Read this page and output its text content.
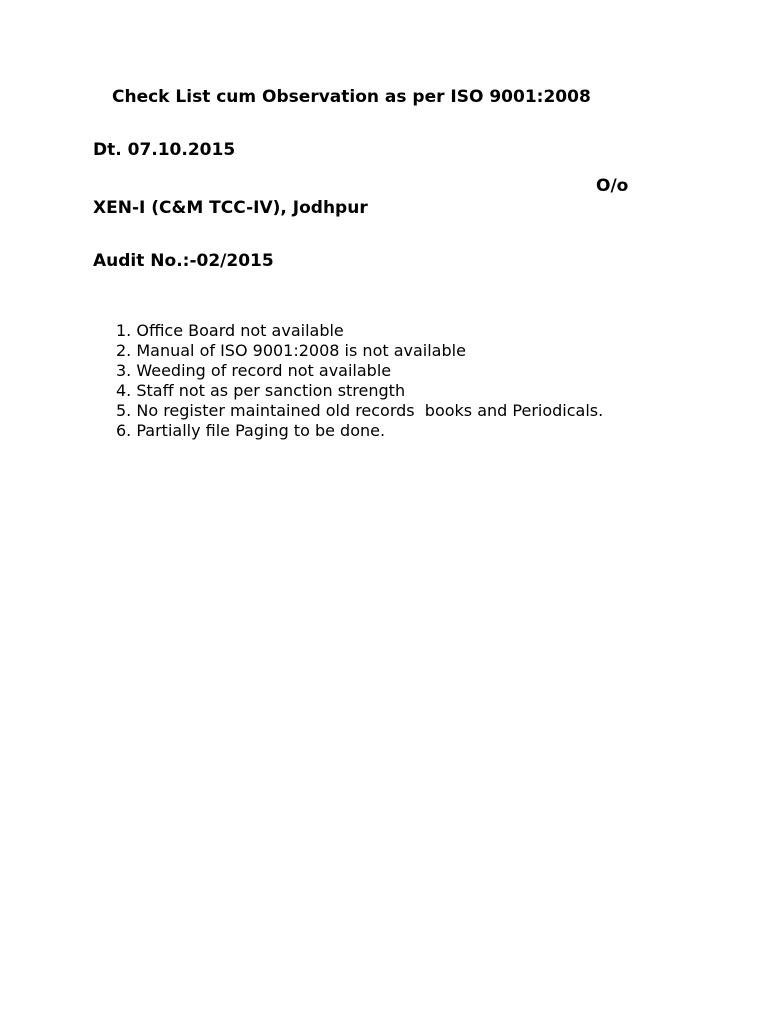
Check List cum Observation as per ISO 9001:2008
Dt. 07.10.2015
O/o
XEN-I (C&M TCC-IV), Jodhpur
Audit No.:-02/2015
1. Office Board not available
2. Manual of ISO 9001:2008 is not available
3. Weeding of record not available
4. Staff not as per sanction strength
5. No register maintained old records  books and Periodicals.
6. Partially file Paging to be done.
